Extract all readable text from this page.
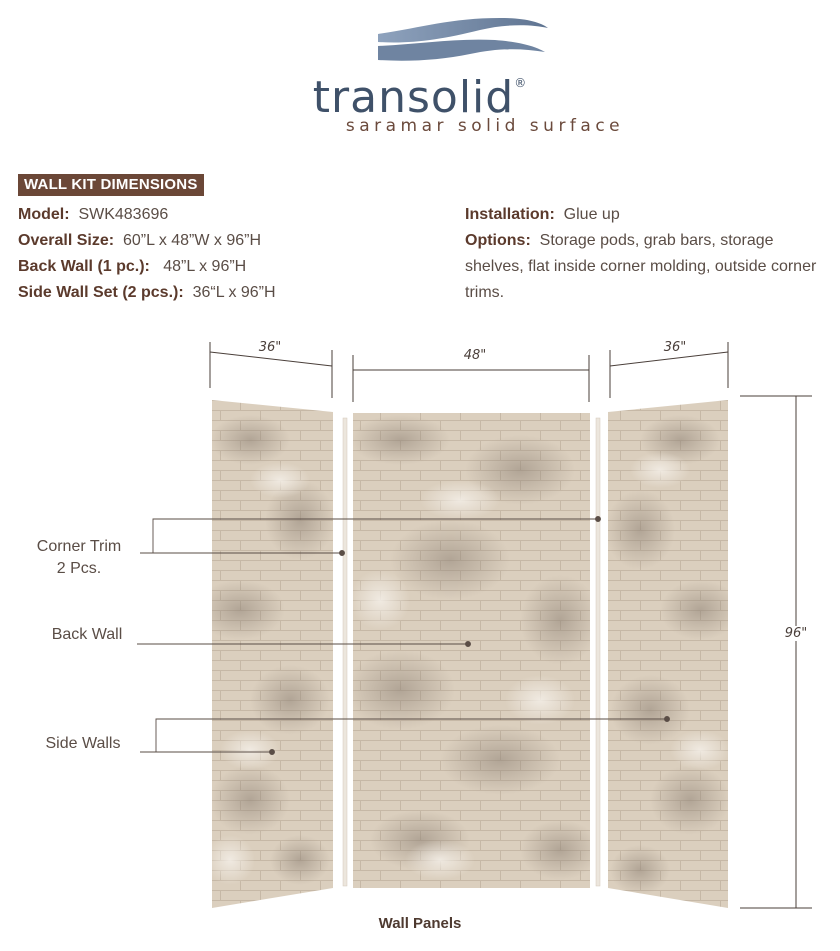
transolid®
saramar solid surface
WALL KIT DIMENSIONS
Model: SWK483696
Overall Size: 60”L x 48”W x 96”H
Back Wall (1 pc.): 48”L x 96”H
Side Wall Set (2 pcs.): 36“L x 96”H
Installation: Glue up
Options: Storage pods, grab bars, storage shelves, flat inside corner molding, outside corner trims.
36"
48"
36"
96"
Corner Trim
2 Pcs.
Back Wall
Side Walls
Wall Panels
